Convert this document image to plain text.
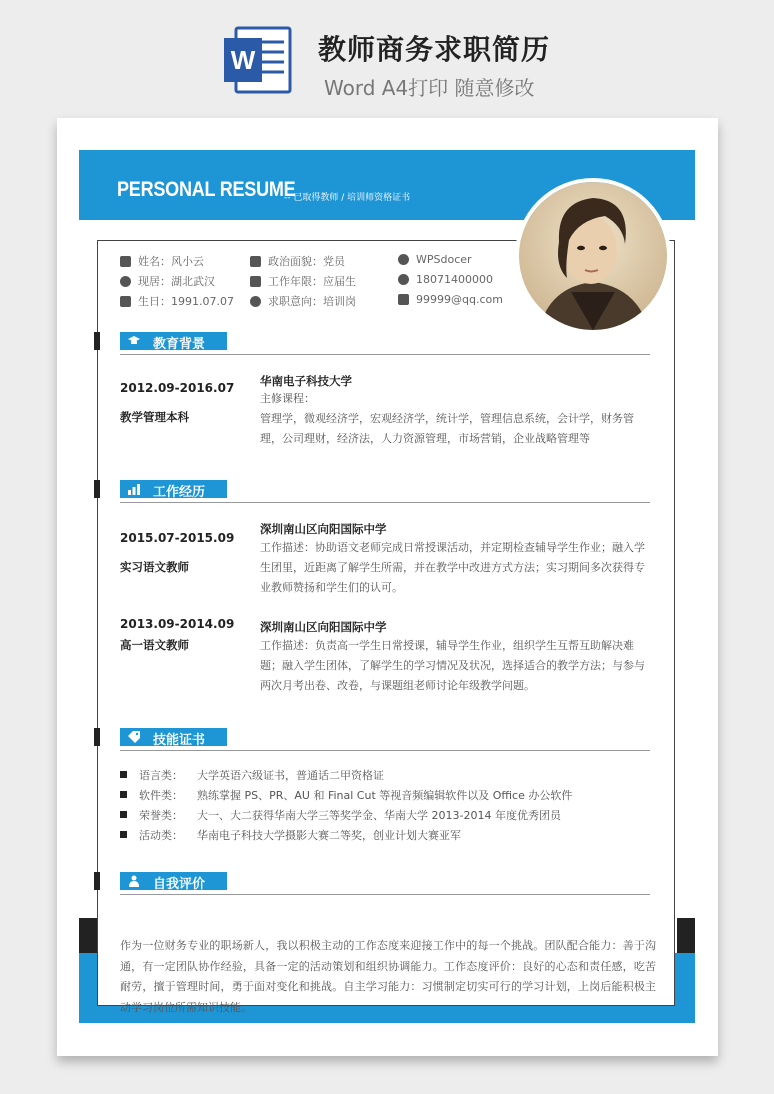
W 教师商务求职简历
Word A4打印 随意修改
PERSONAL RESUME
-- 已取得教师 / 培训师资格证书
姓名：风小云
现居：湖北武汉
生日：1991.07.07
政治面貌：党员
工作年限：应届生
求职意向：培训岗
WPSdocer
18071400000
99999@qq.com
教育背景
2012.09-2016.07
教学管理本科
华南电子科技大学
主修课程：
管理学，微观经济学，宏观经济学，统计学，管理信息系统，会计学，财务管理，公司理财，经济法，人力资源管理，市场营销，企业战略管理等
工作经历
2015.07-2015.09
实习语文教师
深圳南山区向阳国际中学
工作描述：协助语文老师完成日常授课活动，并定期检查辅导学生作业；融入学生团里，近距离了解学生所需，并在教学中改进方式方法；实习期间多次获得专业教师赞扬和学生们的认可。
2013.09-2014.09
高一语文教师
深圳南山区向阳国际中学
工作描述：负责高一学生日常授课，辅导学生作业，组织学生互帮互助解决难题；融入学生团体，了解学生的学习情况及状况，选择适合的教学方法；与参与两次月考出卷、改卷，与课题组老师讨论年级教学问题。
技能证书
语言类： 大学英语六级证书，普通话二甲资格证
软件类： 熟练掌握 PS、PR、AU 和 Final Cut 等视音频编辑软件以及 Office 办公软件
荣誉类： 大一、大二获得华南大学三等奖学金、华南大学 2013-2014 年度优秀团员
活动类： 华南电子科技大学摄影大赛二等奖，创业计划大赛亚军
自我评价
作为一位财务专业的职场新人，我以积极主动的工作态度来迎接工作中的每一个挑战。团队配合能力：善于沟通，有一定团队协作经验，具备一定的活动策划和组织协调能力。工作态度评价：良好的心态和责任感，吃苦耐劳，擅于管理时间，勇于面对变化和挑战。自主学习能力：习惯制定切实可行的学习计划，上岗后能积极主动学习岗位所需知识技能。
